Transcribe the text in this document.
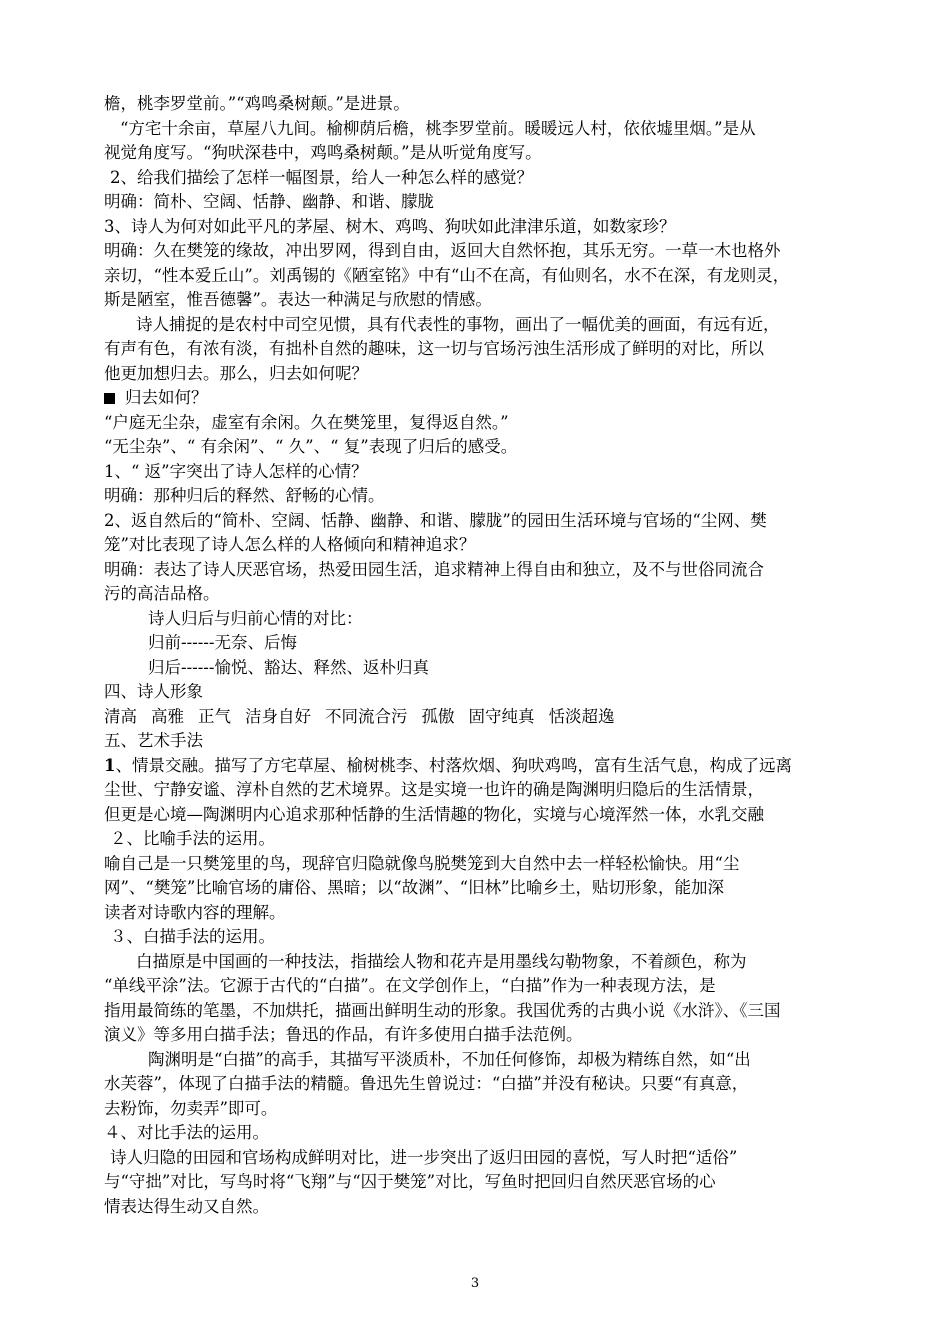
檐，桃李罗堂前。”“鸡鸣桑树颠。”是进景。
“方宅十余亩，草屋八九间。榆柳荫后檐，桃李罗堂前。暖暖远人村，依依墟里烟。”是从
视觉角度写。“狗吠深巷中，鸡鸣桑树颠。”是从听觉角度写。
2、给我们描绘了怎样一幅图景，给人一种怎么样的感觉？
明确：简朴、空阔、恬静、幽静、和谐、朦胧
3、诗人为何对如此平凡的茅屋、树木、鸡鸣、狗吠如此津津乐道，如数家珍？
明确：久在樊笼的缘故，冲出罗网，得到自由，返回大自然怀抱，其乐无穷。一草一木也格外
亲切，“性本爱丘山”。刘禹锡的《陋室铭》中有“山不在高，有仙则名，水不在深，有龙则灵，
斯是陋室，惟吾德馨”。表达一种满足与欣慰的情感。
诗人捕捉的是农村中司空见惯，具有代表性的事物，画出了一幅优美的画面，有远有近，
有声有色，有浓有淡，有拙朴自然的趣味，这一切与官场污浊生活形成了鲜明的对比，所以
他更加想归去。那么，归去如何呢？
归去如何？
“户庭无尘杂，虚室有余闲。久在樊笼里，复得返自然。”
“无尘杂”、“ 有余闲”、“ 久”、“ 复”表现了归后的感受。
1、“ 返”字突出了诗人怎样的心情？
明确：那种归后的释然、舒畅的心情。
2、返自然后的“简朴、空阔、恬静、幽静、和谐、朦胧”的园田生活环境与官场的“尘网、樊
笼”对比表现了诗人怎么样的人格倾向和精神追求？
明确：表达了诗人厌恶官场，热爱田园生活，追求精神上得自由和独立，及不与世俗同流合
污的高洁品格。
诗人归后与归前心情的对比：
归前------无奈、后悔
归后------愉悦、豁达、释然、返朴归真
四、诗人形象
清高 高雅 正气 洁身自好 不同流合污 孤傲 固守纯真 恬淡超逸
五、艺术手法
1、情景交融。描写了方宅草屋、榆树桃李、村落炊烟、狗吠鸡鸣，富有生活气息，构成了远离
尘世、宁静安谧、淳朴自然的艺术境界。这是实境一也许的确是陶渊明归隐后的生活情景，
但更是心境—陶渊明内心追求那种恬静的生活情趣的物化，实境与心境浑然一体，水乳交融
２、比喻手法的运用。
喻自己是一只樊笼里的鸟，现辞官归隐就像鸟脱樊笼到大自然中去一样轻松愉快。用“尘
网”、“樊笼”比喻官场的庸俗、黑暗；以“故渊”、“旧林”比喻乡土，贴切形象，能加深
读者对诗歌内容的理解。
３、白描手法的运用。
白描原是中国画的一种技法，指描绘人物和花卉是用墨线勾勒物象，不着颜色，称为
“单线平涂”法。它源于古代的“白描”。在文学创作上，“白描”作为一种表现方法，是
指用最简练的笔墨，不加烘托，描画出鲜明生动的形象。我国优秀的古典小说《水浒》、《三国
演义》等多用白描手法；鲁迅的作品，有许多使用白描手法范例。
陶渊明是“白描”的高手，其描写平淡质朴，不加任何修饰，却极为精练自然，如“出
水芙蓉”，体现了白描手法的精髓。鲁迅先生曾说过：“白描”并没有秘诀。只要“有真意，
去粉饰，勿卖弄”即可。
４、对比手法的运用。
诗人归隐的田园和官场构成鲜明对比，进一步突出了返归田园的喜悦，写人时把“适俗”
与“守拙”对比，写鸟时将“飞翔”与“囚于樊笼”对比，写鱼时把回归自然厌恶官场的心
情表达得生动又自然。
3
